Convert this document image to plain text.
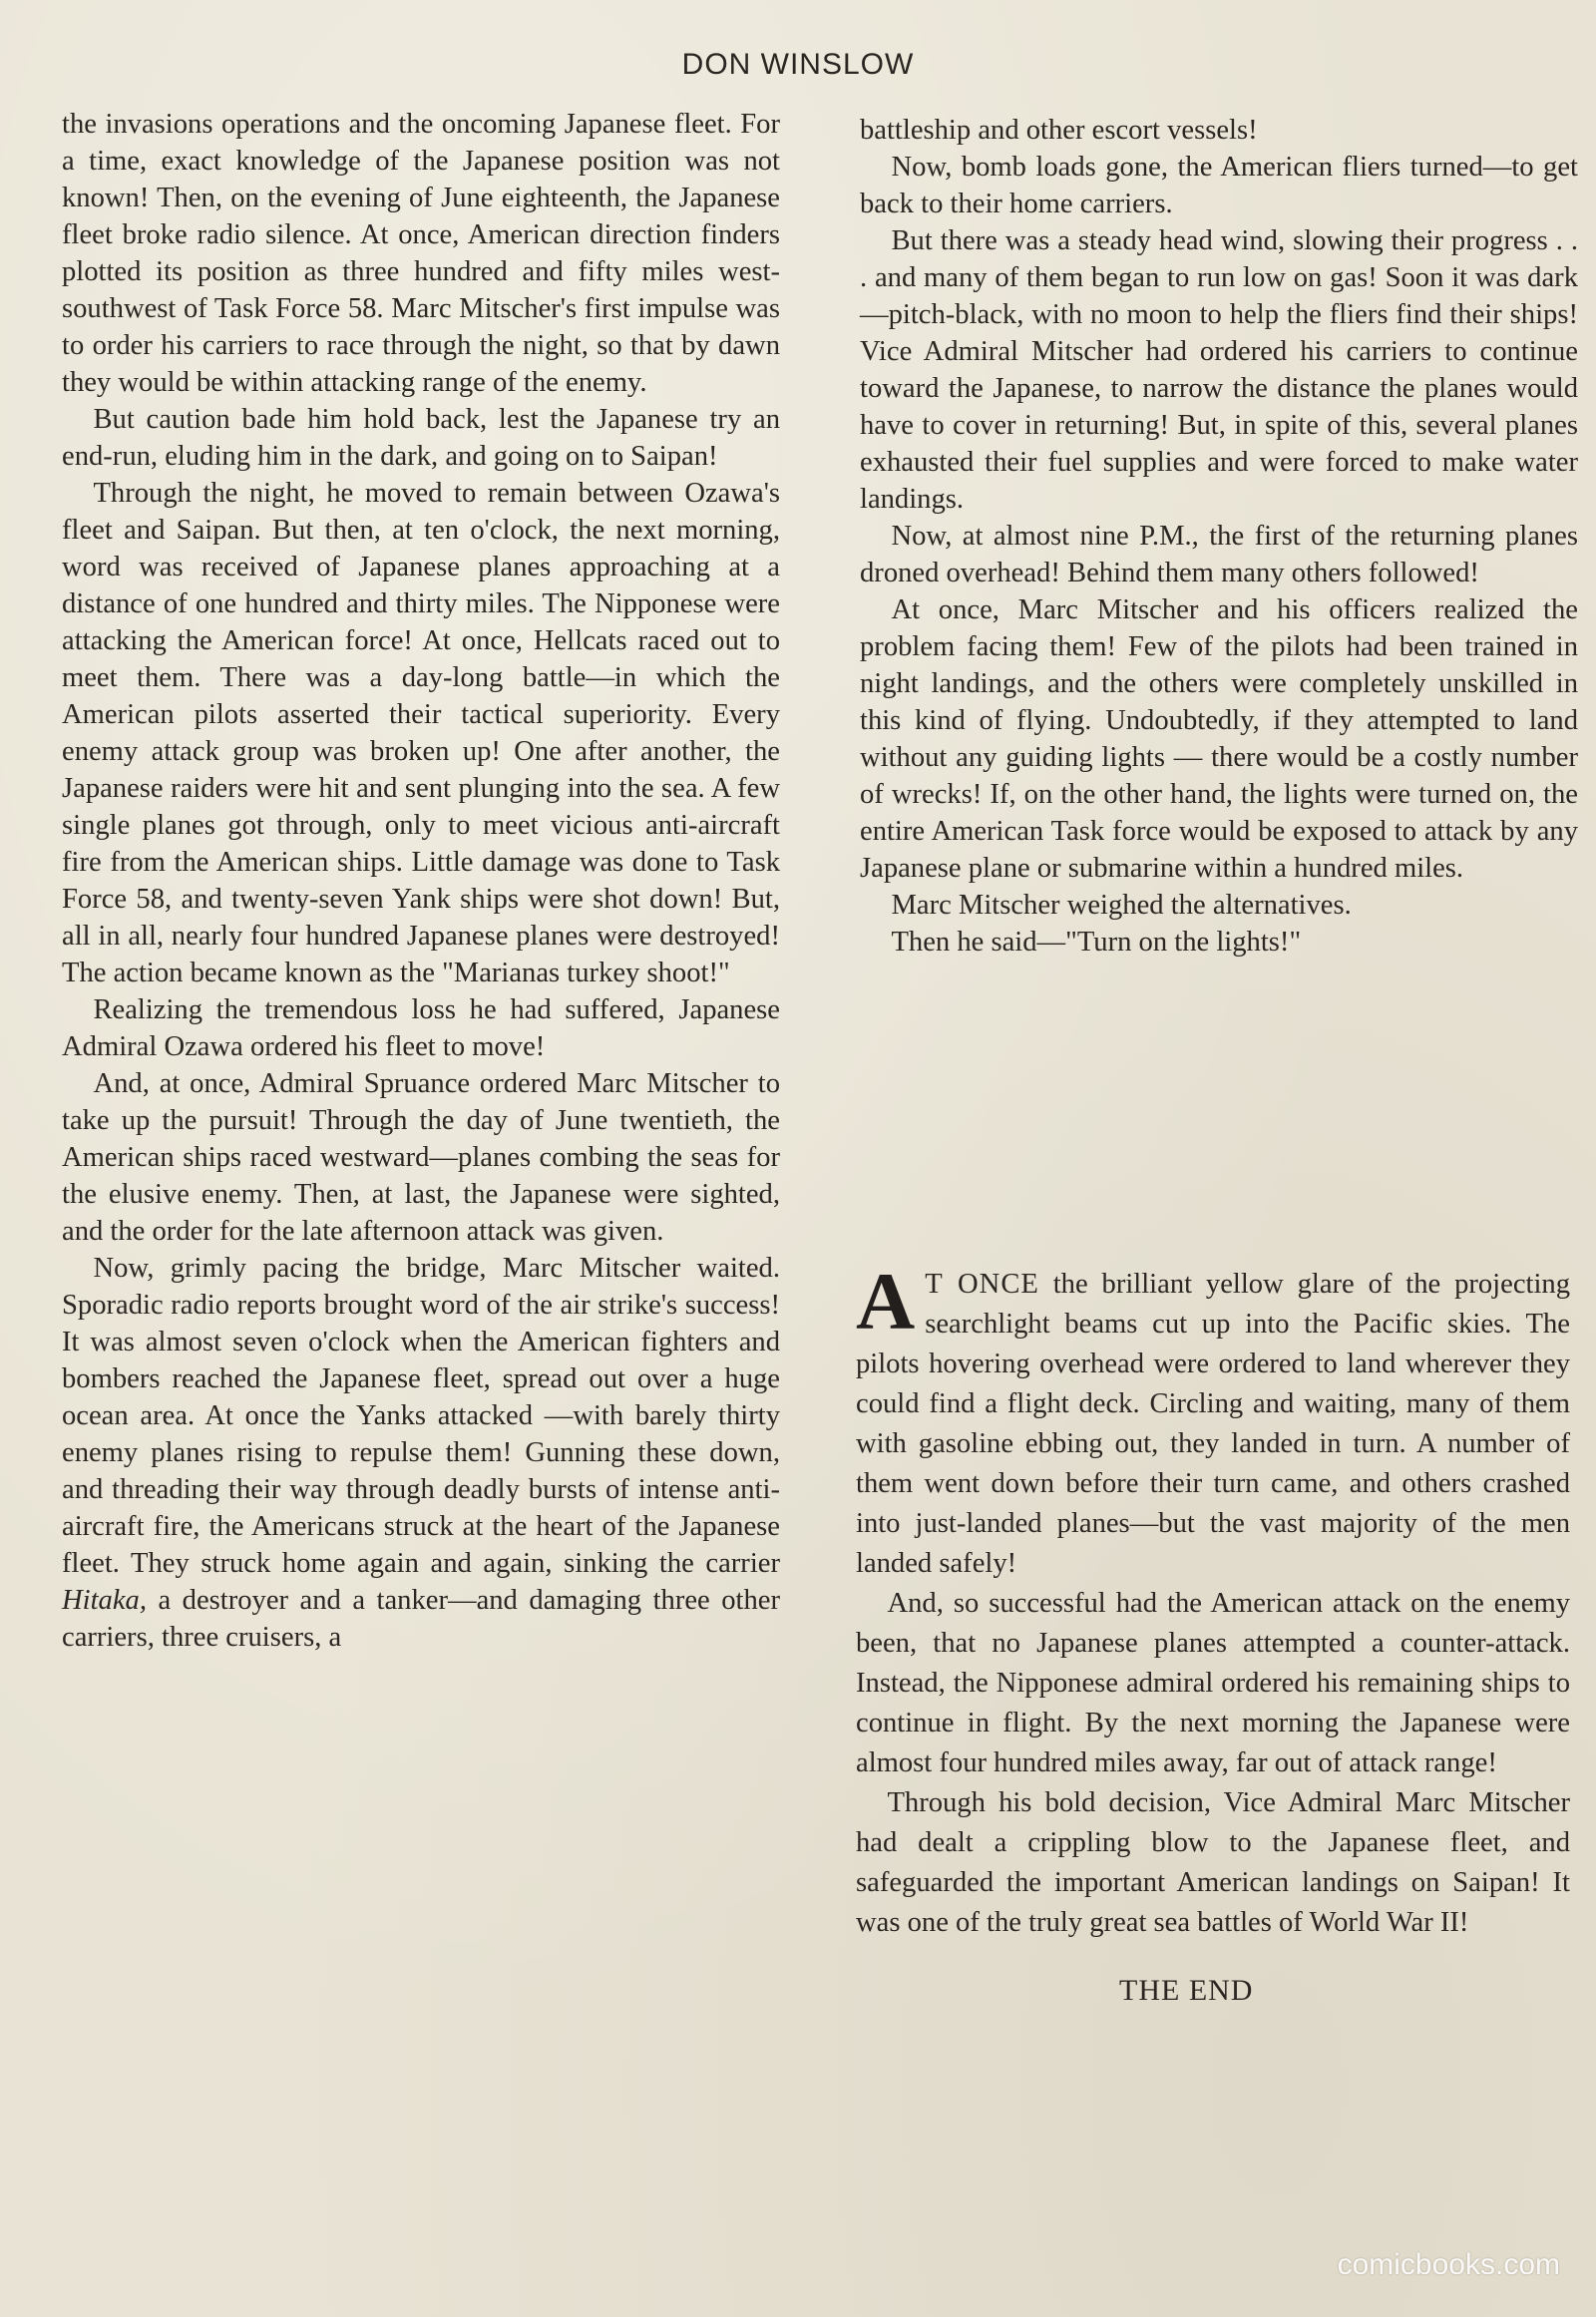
DON WINSLOW

the invasions operations and the oncoming Japanese fleet. For a time, exact knowledge of the Japanese position was not known! Then, on the evening of June eighteenth, the Japanese fleet broke radio silence. At once, American direction finders plotted its position as three hundred and fifty miles west-southwest of Task Force 58. Marc Mitscher's first impulse was to order his carriers to race through the night, so that by dawn they would be within attacking range of the enemy.

But caution bade him hold back, lest the Japanese try an end-run, eluding him in the dark, and going on to Saipan!

Through the night, he moved to remain between Ozawa's fleet and Saipan. But then, at ten o'clock, the next morning, word was received of Japanese planes approaching at a distance of one hundred and thirty miles. The Nipponese were attacking the American force! At once, Hellcats raced out to meet them. There was a day-long battle—in which the American pilots asserted their tactical superiority. Every enemy attack group was broken up! One after another, the Japanese raiders were hit and sent plunging into the sea. A few single planes got through, only to meet vicious anti-aircraft fire from the American ships. Little damage was done to Task Force 58, and twenty-seven Yank ships were shot down! But, all in all, nearly four hundred Japanese planes were destroyed! The action became known as the "Marianas turkey shoot!"

Realizing the tremendous loss he had suffered, Japanese Admiral Ozawa ordered his fleet to move!

And, at once, Admiral Spruance ordered Marc Mitscher to take up the pursuit! Through the day of June twentieth, the American ships raced westward—planes combing the seas for the elusive enemy. Then, at last, the Japanese were sighted, and the order for the late afternoon attack was given.

Now, grimly pacing the bridge, Marc Mitscher waited. Sporadic radio reports brought word of the air strike's success! It was almost seven o'clock when the American fighters and bombers reached the Japanese fleet, spread out over a huge ocean area. At once the Yanks attacked —with barely thirty enemy planes rising to repulse them! Gunning these down, and threading their way through deadly bursts of intense anti-aircraft fire, the Americans struck at the heart of the Japanese fleet. They struck home again and again, sinking the carrier Hitaka, a destroyer and a tanker—and damaging three other carriers, three cruisers, a

battleship and other escort vessels!

Now, bomb loads gone, the American fliers turned—to get back to their home carriers.

But there was a steady head wind, slowing their progress . . . and many of them began to run low on gas! Soon it was dark—pitch-black, with no moon to help the fliers find their ships! Vice Admiral Mitscher had ordered his carriers to continue toward the Japanese, to narrow the distance the planes would have to cover in returning! But, in spite of this, several planes exhausted their fuel supplies and were forced to make water landings.

Now, at almost nine P.M., the first of the returning planes droned overhead! Behind them many others followed!

At once, Marc Mitscher and his officers realized the problem facing them! Few of the pilots had been trained in night landings, and the others were completely unskilled in this kind of flying. Undoubtedly, if they attempted to land without any guiding lights — there would be a costly number of wrecks! If, on the other hand, the lights were turned on, the entire American Task force would be exposed to attack by any Japanese plane or submarine within a hundred miles.

Marc Mitscher weighed the alternatives.

Then he said—"Turn on the lights!"

A T ONCE the brilliant yellow glare of the projecting searchlight beams cut up into the Pacific skies. The pilots hovering overhead were ordered to land wherever they could find a flight deck. Circling and waiting, many of them with gasoline ebbing out, they landed in turn. A number of them went down before their turn came, and others crashed into just-landed planes—but the vast majority of the men landed safely!

And, so successful had the American attack on the enemy been, that no Japanese planes attempted a counter-attack. Instead, the Nipponese admiral ordered his remaining ships to continue in flight. By the next morning the Japanese were almost four hundred miles away, far out of attack range!

Through his bold decision, Vice Admiral Marc Mitscher had dealt a crippling blow to the Japanese fleet, and safeguarded the important American landings on Saipan! It was one of the truly great sea battles of World War II!

THE END

comicbooks.com
